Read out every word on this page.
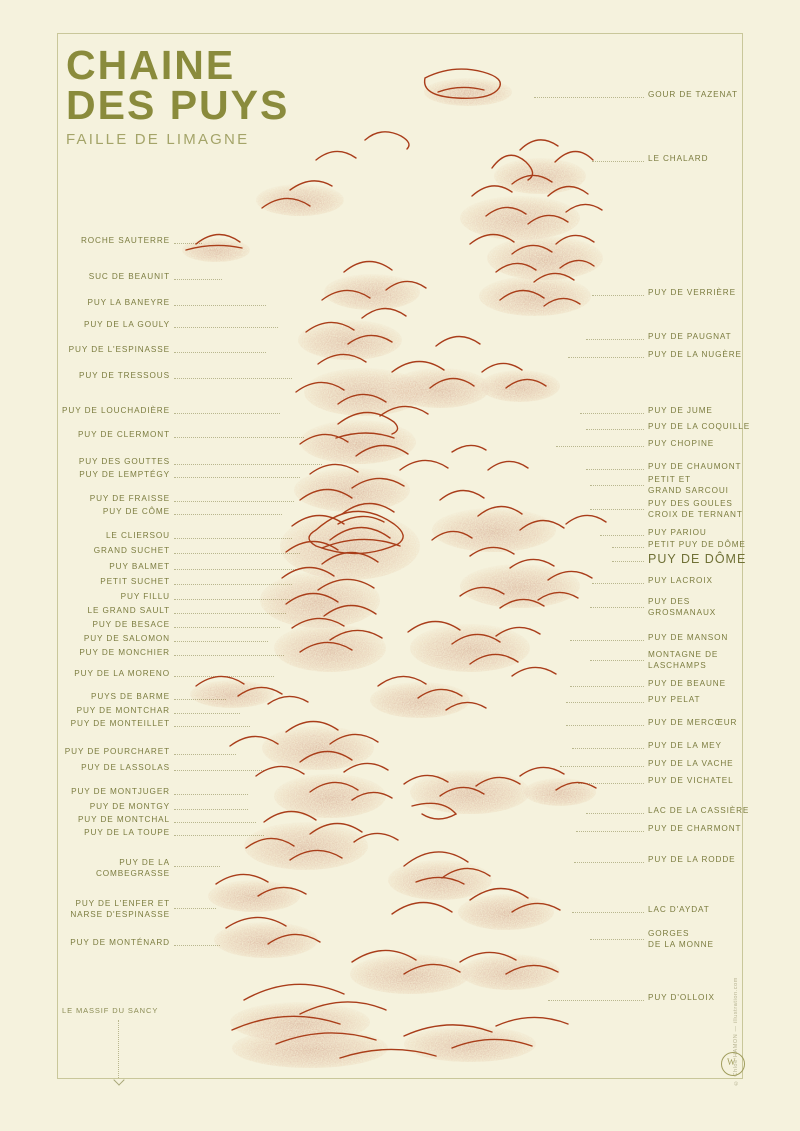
CHAINE
DES PUYS
FAILLE DE LIMAGNE
ROCHE SAUTERRE
SUC DE BEAUNIT
PUY LA BANEYRE
PUY DE LA GOULY
PUY DE L'ESPINASSE
PUY DE TRESSOUS
PUY DE LOUCHADIÈRE
PUY DE CLERMONT
PUY DES GOUTTES
PUY DE LEMPTÉGY
PUY DE FRAISSE
PUY DE CÔME
LE CLIERSOU
GRAND SUCHET
PUY BALMET
PETIT SUCHET
PUY FILLU
LE GRAND SAULT
PUY DE BESACE
PUY DE SALOMON
PUY DE MONCHIER
PUY DE LA MORENO
PUYS DE BARME
PUY DE MONTCHAR
PUY DE MONTEILLET
PUY DE POURCHARET
PUY DE LASSOLAS
PUY DE MONTJUGER
PUY DE MONTGY
PUY DE MONTCHAL
PUY DE LA TOUPE
PUY DE MONTÉNARD
PUY DE LA
COMBEGRASSE
PUY DE L'ENFER ET
NARSE D'ESPINASSE
GOUR DE TAZENAT
LE CHALARD
PUY DE VERRIÈRE
PUY DE PAUGNAT
PUY DE LA NUGÈRE
PUY DE JUME
PUY DE LA COQUILLE
PUY CHOPINE
PUY DE CHAUMONT
PUY PARIOU
PETIT PUY DE DÔME
PUY LACROIX
PUY DE MANSON
PUY DE BEAUNE
PUY PELAT
PUY DE MERCŒUR
PUY DE LA MEY
PUY DE LA VACHE
PUY DE VICHATEL
LAC DE LA CASSIÈRE
PUY DE CHARMONT
PUY DE LA RODDE
LAC D'AYDAT
PUY D'OLLOIX
PETIT ET
GRAND SARCOUI
PUY DES GOULES
CROIX DE TERNANT
PUY DES
GROSMANAUX
MONTAGNE DE
LASCHAMPS
GORGES
DE LA MONNE
PUY DE DÔME
LE MASSIF DU SANCY	© Chloé HAMON — illustration.com
W
